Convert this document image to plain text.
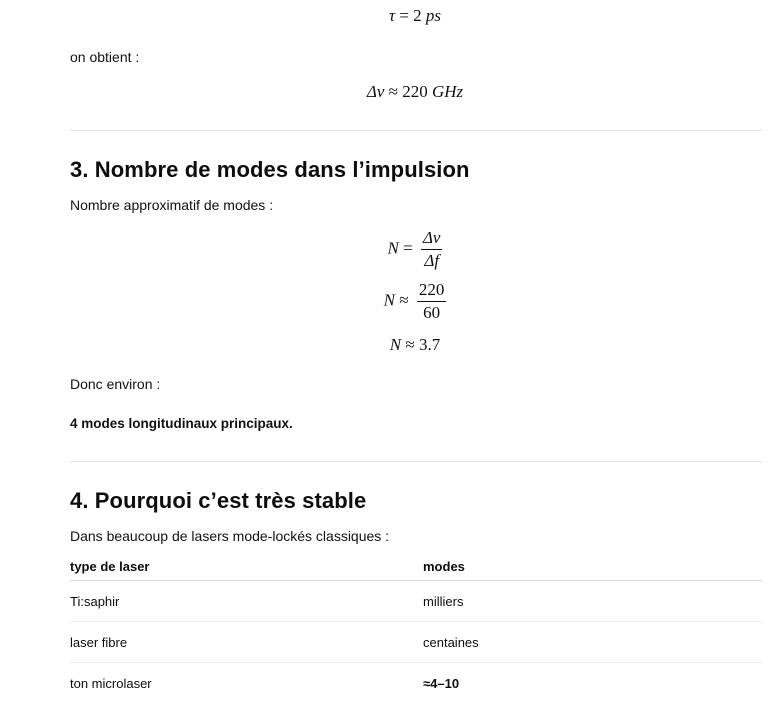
τ = 2 ps
on obtient :
Δν ≈ 220 GHz
3. Nombre de modes dans l’impulsion
Nombre approximatif de modes :
$N = \frac{\Delta\nu}{\Delta f}$
$N \approx \frac{220}{60}$
N ≈ 3.7
Donc environ :
4 modes longitudinaux principaux.
4. Pourquoi c’est très stable
Dans beaucoup de lasers mode-lockés classiques :
type de laser	modes
Ti:saphir	milliers
laser fibre	centaines
ton microlaser	≈4–10
